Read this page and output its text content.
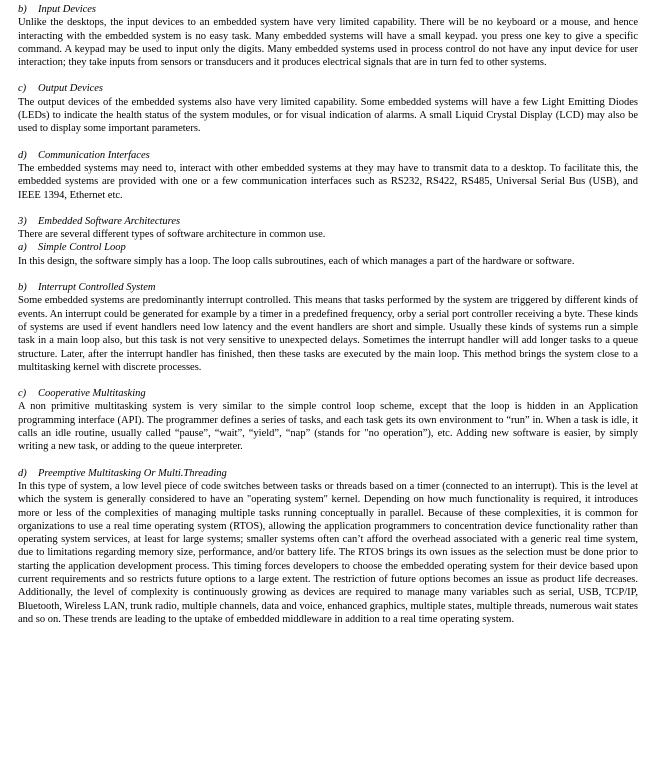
b) Input Devices

Unlike the desktops, the input devices to an embedded system have very limited capability. There will be no keyboard or a mouse, and hence interacting with the embedded system is no easy task. Many embedded systems will have a small keypad. you press one key to give a specific command. A keypad may be used to input only the digits. Many embedded systems used in process control do not have any input device for user interaction; they take inputs from sensors or transducers and it produces electrical signals that are in turn fed to other systems.

c) Output Devices

The output devices of the embedded systems also have very limited capability. Some embedded systems will have a few Light Emitting Diodes (LEDs) to indicate the health status of the system modules, or for visual indication of alarms. A small Liquid Crystal Display (LCD) may also be used to display some important parameters.

d) Communication Interfaces

The embedded systems may need to, interact with other embedded systems at they may have to transmit data to a desktop. To facilitate this, the embedded systems are provided with one or a few communication interfaces such as RS232, RS422, RS485, Universal Serial Bus (USB), and IEEE 1394, Ethernet etc.

3) Embedded Software Architectures

There are several different types of software architecture in common use.

a) Simple Control Loop

In this design, the software simply has a loop. The loop calls subroutines, each of which manages a part of the hardware or software.

b) Interrupt Controlled System

Some embedded systems are predominantly interrupt controlled. This means that tasks performed by the system are triggered by different kinds of events. An interrupt could be generated for example by a timer in a predefined frequency, orby a serial port controller receiving a byte. These kinds of systems are used if event handlers need low latency and the event handlers are short and simple. Usually these kinds of systems run a simple task in a main loop also, but this task is not very sensitive to unexpected delays. Sometimes the interrupt handler will add longer tasks to a queue structure. Later, after the interrupt handler has finished, then these tasks are executed by the main loop. This method brings the system close to a multitasking kernel with discrete processes.

c) Cooperative Multitasking

A non primitive multitasking system is very similar to the simple control loop scheme, except that the loop is hidden in an Application programming interface (API). The programmer defines a series of tasks, and each task gets its own environment to “run” in. When a task is idle, it calls an idle routine, usually called “pause”, “wait”, “yield”, “nap” (stands for "no operation”), etc. Adding new software is easier, by simply writing a new task, or adding to the queue interpreter.

d) Preemptive Multitasking Or Multi.Threading

In this type of system, a low level piece of code switches between tasks or threads based on a timer (connected to an interrupt). This is the level at which the system is generally considered to have an "operating system" kernel. Depending on how much functionality is required, it introduces more or less of the complexities of managing multiple tasks running conceptually in parallel. Because of these complexities, it is common for organizations to use a real time operating system (RTOS), allowing the application programmers to concentration device functionality rather than operating system services, at least for large systems; smaller systems often can’t afford the overhead associated with a generic real time system, due to limitations regarding memory size, performance, and/or battery life. The RTOS brings its own issues as the selection must be done prior to starting the application development process. This timing forces developers to choose the embedded operating system for their device based upon current requirements and so restricts future options to a large extent. The restriction of future options becomes an issue as product life decreases. Additionally, the level of complexity is continuously growing as devices are required to manage many variables such as serial, USB, TCP/IP, Bluetooth, Wireless LAN, trunk radio, multiple channels, data and voice, enhanced graphics, multiple states, multiple threads, numerous wait states and so on. These trends are leading to the uptake of embedded middleware in addition to a real time operating system.
